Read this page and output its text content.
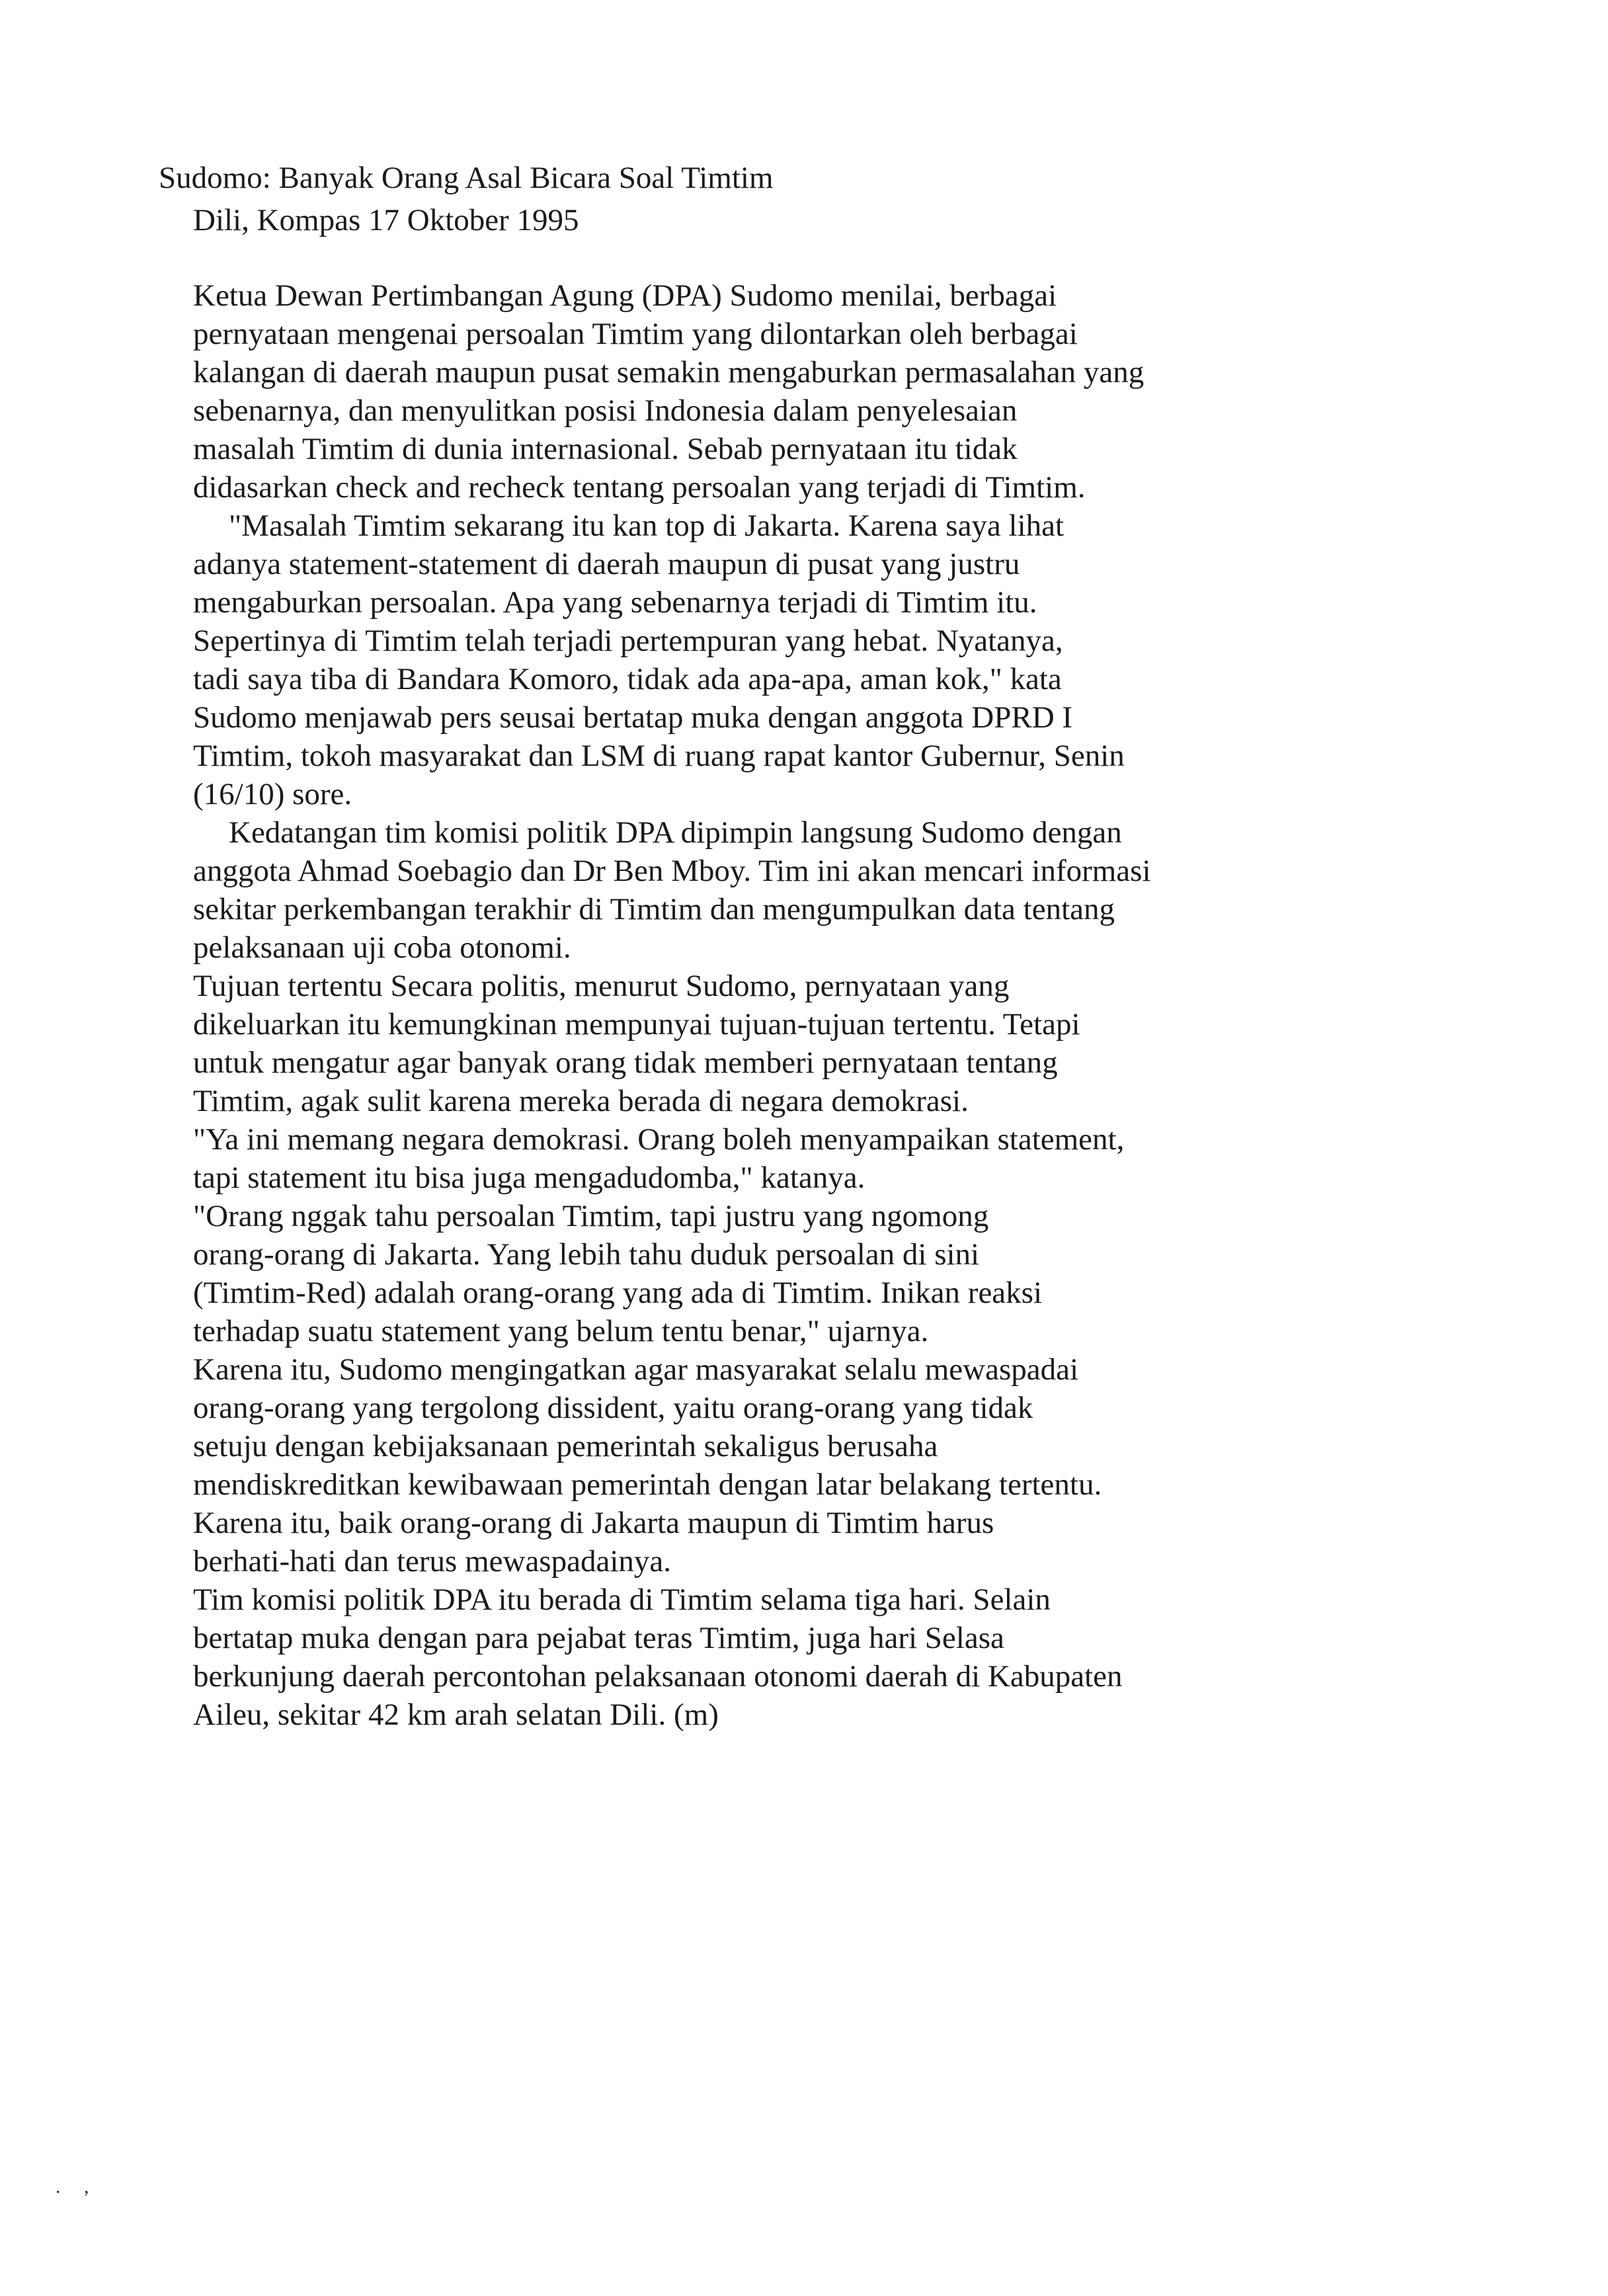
Sudomo: Banyak Orang Asal Bicara Soal Timtim
Dili, Kompas 17 Oktober 1995
Ketua Dewan Pertimbangan Agung (DPA) Sudomo menilai, berbagai
pernyataan mengenai persoalan Timtim yang dilontarkan oleh berbagai
kalangan di daerah maupun pusat semakin mengaburkan permasalahan yang
sebenarnya, dan menyulitkan posisi Indonesia dalam penyelesaian
masalah Timtim di dunia internasional. Sebab pernyataan itu tidak
didasarkan check and recheck tentang persoalan yang terjadi di Timtim.
"Masalah Timtim sekarang itu kan top di Jakarta. Karena saya lihat
adanya statement-statement di daerah maupun di pusat yang justru
mengaburkan persoalan. Apa yang sebenarnya terjadi di Timtim itu.
Sepertinya di Timtim telah terjadi pertempuran yang hebat. Nyatanya,
tadi saya tiba di Bandara Komoro, tidak ada apa-apa, aman kok," kata
Sudomo menjawab pers seusai bertatap muka dengan anggota DPRD I
Timtim, tokoh masyarakat dan LSM di ruang rapat kantor Gubernur, Senin
(16/10) sore.
Kedatangan tim komisi politik DPA dipimpin langsung Sudomo dengan
anggota Ahmad Soebagio dan Dr Ben Mboy. Tim ini akan mencari informasi
sekitar perkembangan terakhir di Timtim dan mengumpulkan data tentang
pelaksanaan uji coba otonomi.
Tujuan tertentu Secara politis, menurut Sudomo, pernyataan yang
dikeluarkan itu kemungkinan mempunyai tujuan-tujuan tertentu. Tetapi
untuk mengatur agar banyak orang tidak memberi pernyataan tentang
Timtim, agak sulit karena mereka berada di negara demokrasi.
"Ya ini memang negara demokrasi. Orang boleh menyampaikan statement,
tapi statement itu bisa juga mengadudomba," katanya.
"Orang nggak tahu persoalan Timtim, tapi justru yang ngomong
orang-orang di Jakarta. Yang lebih tahu duduk persoalan di sini
(Timtim-Red) adalah orang-orang yang ada di Timtim. Inikan reaksi
terhadap suatu statement yang belum tentu benar," ujarnya.
Karena itu, Sudomo mengingatkan agar masyarakat selalu mewaspadai
orang-orang yang tergolong dissident, yaitu orang-orang yang tidak
setuju dengan kebijaksanaan pemerintah sekaligus berusaha
mendiskreditkan kewibawaan pemerintah dengan latar belakang tertentu.
Karena itu, baik orang-orang di Jakarta maupun di Timtim harus
berhati-hati dan terus mewaspadainya.
Tim komisi politik DPA itu berada di Timtim selama tiga hari. Selain
bertatap muka dengan para pejabat teras Timtim, juga hari Selasa
berkunjung daerah percontohan pelaksanaan otonomi daerah di Kabupaten
Aileu, sekitar 42 km arah selatan Dili. (m)
. ,
